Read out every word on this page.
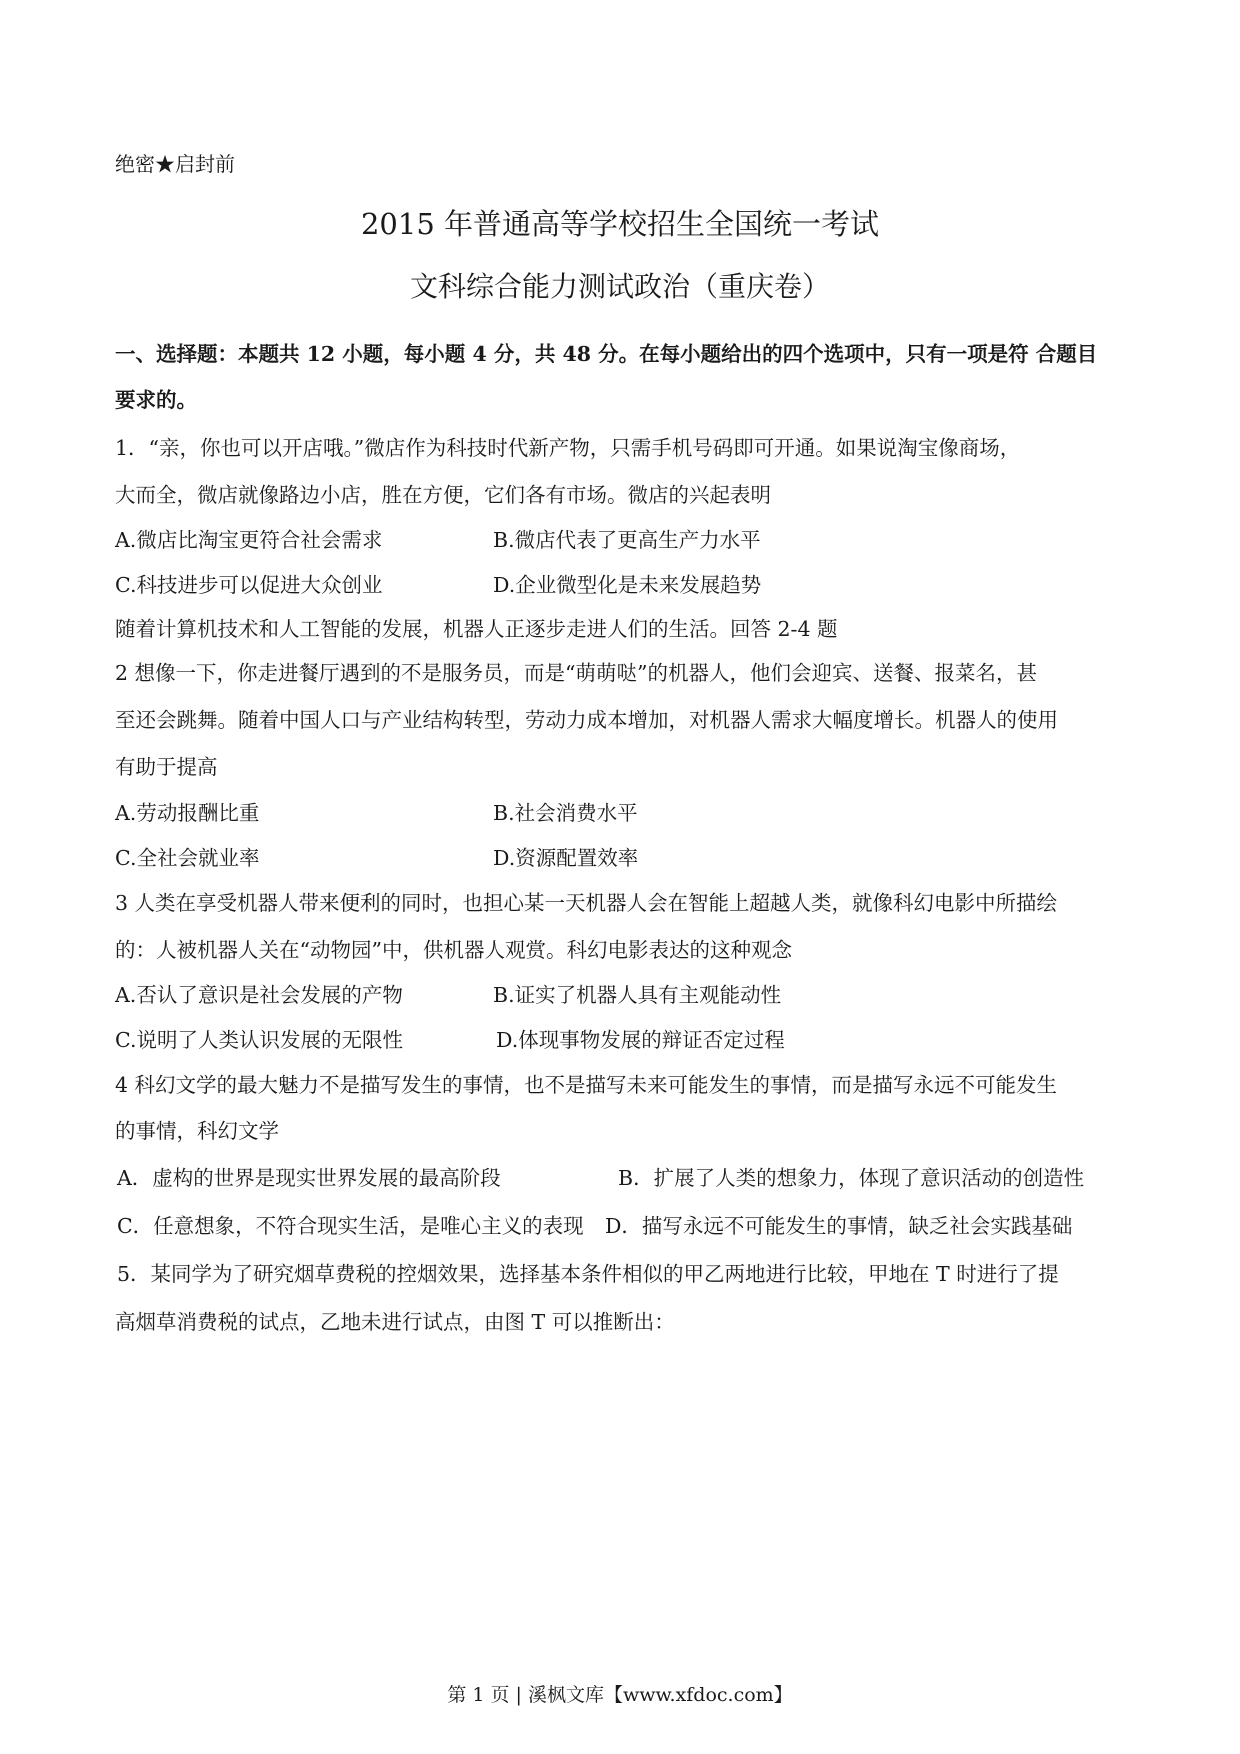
绝密★启封前
2015 年普通高等学校招生全国统一考试
文科综合能力测试政治（重庆卷）
一、选择题：本题共 12 小题，每小题 4 分，共 48 分。在每小题给出的四个选项中，只有一项是符 合题目
要求的。
1．“亲，你也可以开店哦。”微店作为科技时代新产物，只需手机号码即可开通。如果说淘宝像商场，
大而全，微店就像路边小店，胜在方便，它们各有市场。微店的兴起表明
A.微店比淘宝更符合社会需求	B.微店代表了更高生产力水平
C.科技进步可以促进大众创业	D.企业微型化是未来发展趋势
随着计算机技术和人工智能的发展，机器人正逐步走进人们的生活。回答 2-4 题
2 想像一下，你走进餐厅遇到的不是服务员，而是“萌萌哒”的机器人，他们会迎宾、送餐、报菜名，甚
至还会跳舞。随着中国人口与产业结构转型，劳动力成本增加，对机器人需求大幅度增长。机器人的使用
有助于提高
A.劳动报酬比重	B.社会消费水平
C.全社会就业率	D.资源配置效率
3 人类在享受机器人带来便利的同时，也担心某一天机器人会在智能上超越人类，就像科幻电影中所描绘
的：人被机器人关在“动物园”中，供机器人观赏。科幻电影表达的这种观念
A.否认了意识是社会发展的产物	B.证实了机器人具有主观能动性
C.说明了人类认识发展的无限性	D.体现事物发展的辩证否定过程
4 科幻文学的最大魅力不是描写发生的事情，也不是描写未来可能发生的事情，而是描写永远不可能发生
的事情，科幻文学
A．虚构的世界是现实世界发展的最高阶段	B．扩展了人类的想象力，体现了意识活动的创造性
C．任意想象，不符合现实生活，是唯心主义的表现 D．描写永远不可能发生的事情，缺乏社会实践基础
5．某同学为了研究烟草费税的控烟效果，选择基本条件相似的甲乙两地进行比较，甲地在 T 时进行了提
高烟草消费税的试点，乙地未进行试点，由图 T 可以推断出：
第 1 页 | 溪枫文库【www.xfdoc.com】
